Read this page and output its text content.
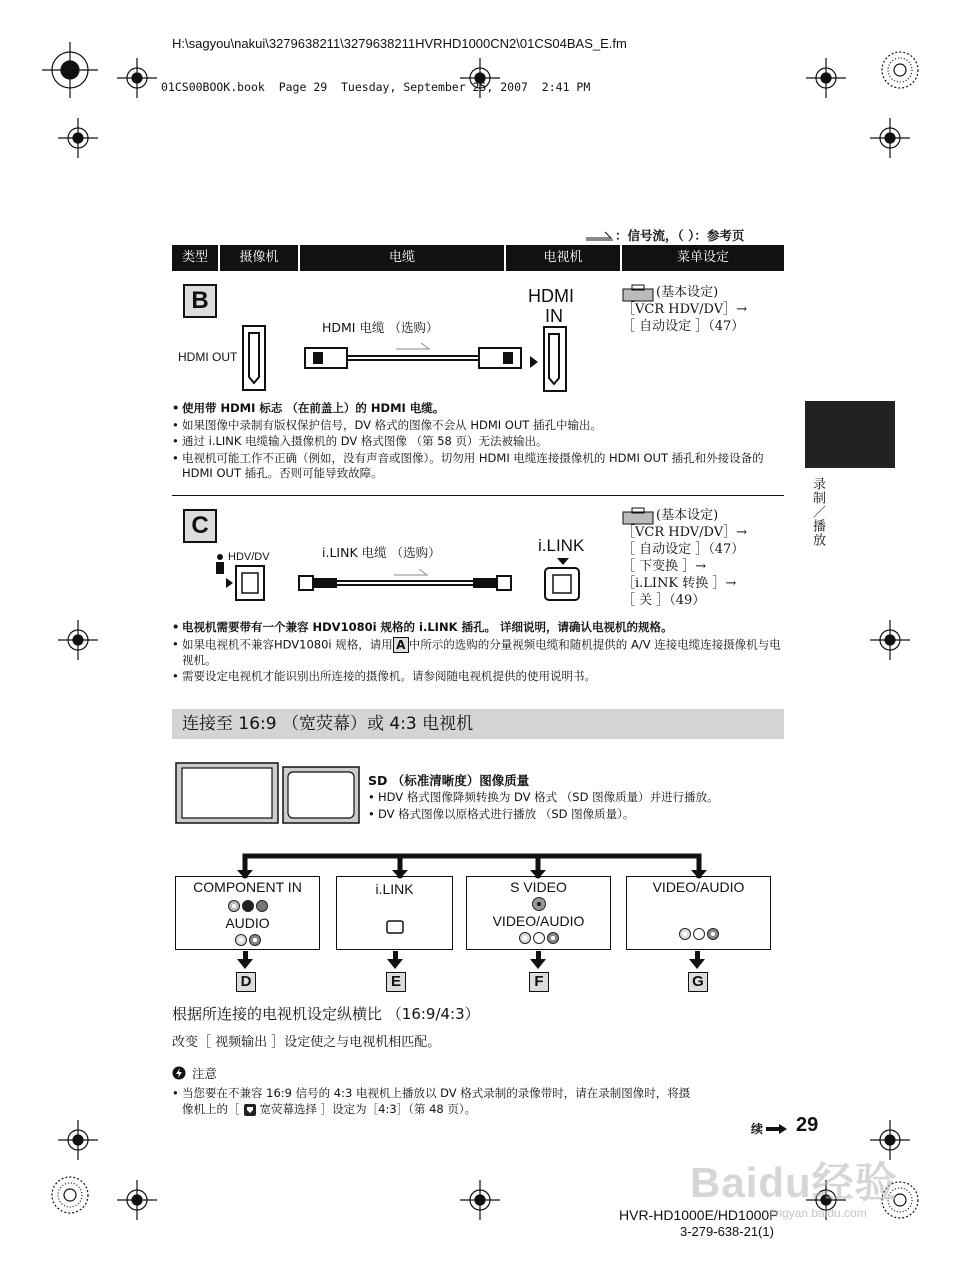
H:\sagyou\nakui\3279638211\3279638211HVRHD1000CN2\01CS04BAS_E.fm
01CS00BOOK.book  Page 29  Tuesday, September 25, 2007  2:41 PM
：信号流，（ ）：参考页
类型	摄像机	电缆	电视机	菜单设定
B
HDMI OUT
HDMI 电缆 （选购）
HDMI
IN
(基本设定)
［VCR HDV/DV］→
［ 自动设定 ］（47）
• 使用带 HDMI 标志 （在前盖上）的 HDMI 电缆。
• 如果图像中录制有版权保护信号，DV 格式的图像不会从 HDMI OUT 插孔中输出。
• 通过 i.LINK 电缆输入摄像机的 DV 格式图像 （第 58 页）无法被输出。
• 电视机可能工作不正确（例如，没有声音或图像）。切勿用 HDMI 电缆连接摄像机的 HDMI OUT 插孔和外接设备的 HDMI OUT 插孔。否则可能导致故障。
C
HDV/DV	i.LINK 电缆 （选购）	i.LINK
(基本设定)
［VCR HDV/DV］→
［ 自动设定 ］（47）
［ 下变换 ］→
［i.LINK 转换 ］→
［ 关 ］（49）
• 电视机需要带有一个兼容 HDV1080i 规格的 i.LINK 插孔。 详细说明，请确认电视机的规格。
• 如果电视机不兼容HDV1080i 规格，请用 A 中所示的选购的分量视频电缆和随机提供的 A/V 连接电缆连接摄像机与电视机。
• 需要设定电视机才能识别出所连接的摄像机。请参阅随电视机提供的使用说明书。
连接至 16:9 （宽荧幕）或 4:3 电视机
SD （标准清晰度）图像质量
• HDV 格式图像降频转换为 DV 格式 （SD 图像质量）并进行播放。
• DV 格式图像以原格式进行播放 （SD 图像质量）。
COMPONENT IN
AUDIO
i.LINK	S VIDEO
VIDEO/AUDIO
VIDEO/AUDIO
D	E	F	G
根据所连接的电视机设定纵横比 （16:9/4:3）
改变［ 视频输出 ］设定使之与电视机相匹配。
注意
• 当您要在不兼容 16:9 信号的 4:3 电视机上播放以 DV 格式录制的录像带时，请在录制图像时，将摄
像机上的［ 宽荧幕选择 ］设定为［4:3］（第 48 页）。
录制／播放
续 29
HVR-HD1000E/HD1000P
3-279-638-21(1)
Baidu经验
jingyan.baidu.com
